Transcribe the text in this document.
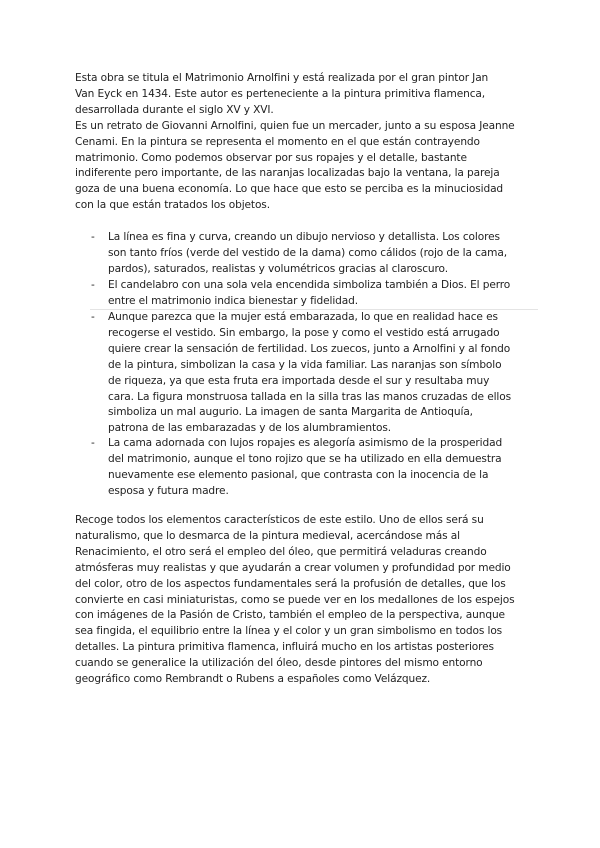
Esta obra se titula el Matrimonio Arnolfini y está realizada por el gran pintor Jan
Van Eyck en 1434. Este autor es perteneciente a la pintura primitiva flamenca,
desarrollada durante el siglo XV y XVI.
Es un retrato de Giovanni Arnolfini, quien fue un mercader, junto a su esposa Jeanne
Cenami. En la pintura se representa el momento en el que están contrayendo
matrimonio. Como podemos observar por sus ropajes y el detalle, bastante
indiferente pero importante, de las naranjas localizadas bajo la ventana, la pareja
goza de una buena economía. Lo que hace que esto se perciba es la minuciosidad
con la que están tratados los objetos.

- La línea es fina y curva, creando un dibujo nervioso y detallista. Los colores
son tanto fríos (verde del vestido de la dama) como cálidos (rojo de la cama,
pardos), saturados, realistas y volumétricos gracias al claroscuro.
- El candelabro con una sola vela encendida simboliza también a Dios. El perro
entre el matrimonio indica bienestar y fidelidad.
- Aunque parezca que la mujer está embarazada, lo que en realidad hace es
recogerse el vestido. Sin embargo, la pose y como el vestido está arrugado
quiere crear la sensación de fertilidad. Los zuecos, junto a Arnolfini y al fondo
de la pintura, simbolizan la casa y la vida familiar. Las naranjas son símbolo
de riqueza, ya que esta fruta era importada desde el sur y resultaba muy
cara. La figura monstruosa tallada en la silla tras las manos cruzadas de ellos
simboliza un mal augurio. La imagen de santa Margarita de Antioquía,
patrona de las embarazadas y de los alumbramientos.
- La cama adornada con lujos ropajes es alegoría asimismo de la prosperidad
del matrimonio, aunque el tono rojizo que se ha utilizado en ella demuestra
nuevamente ese elemento pasional, que contrasta con la inocencia de la
esposa y futura madre.

Recoge todos los elementos característicos de este estilo. Uno de ellos será su
naturalismo, que lo desmarca de la pintura medieval, acercándose más al
Renacimiento, el otro será el empleo del óleo, que permitirá veladuras creando
atmósferas muy realistas y que ayudarán a crear volumen y profundidad por medio
del color, otro de los aspectos fundamentales será la profusión de detalles, que los
convierte en casi miniaturistas, como se puede ver en los medallones de los espejos
con imágenes de la Pasión de Cristo, también el empleo de la perspectiva, aunque
sea fingida, el equilibrio entre la línea y el color y un gran simbolismo en todos los
detalles. La pintura primitiva flamenca, influirá mucho en los artistas posteriores
cuando se generalice la utilización del óleo, desde pintores del mismo entorno
geográfico como Rembrandt o Rubens a españoles como Velázquez.
